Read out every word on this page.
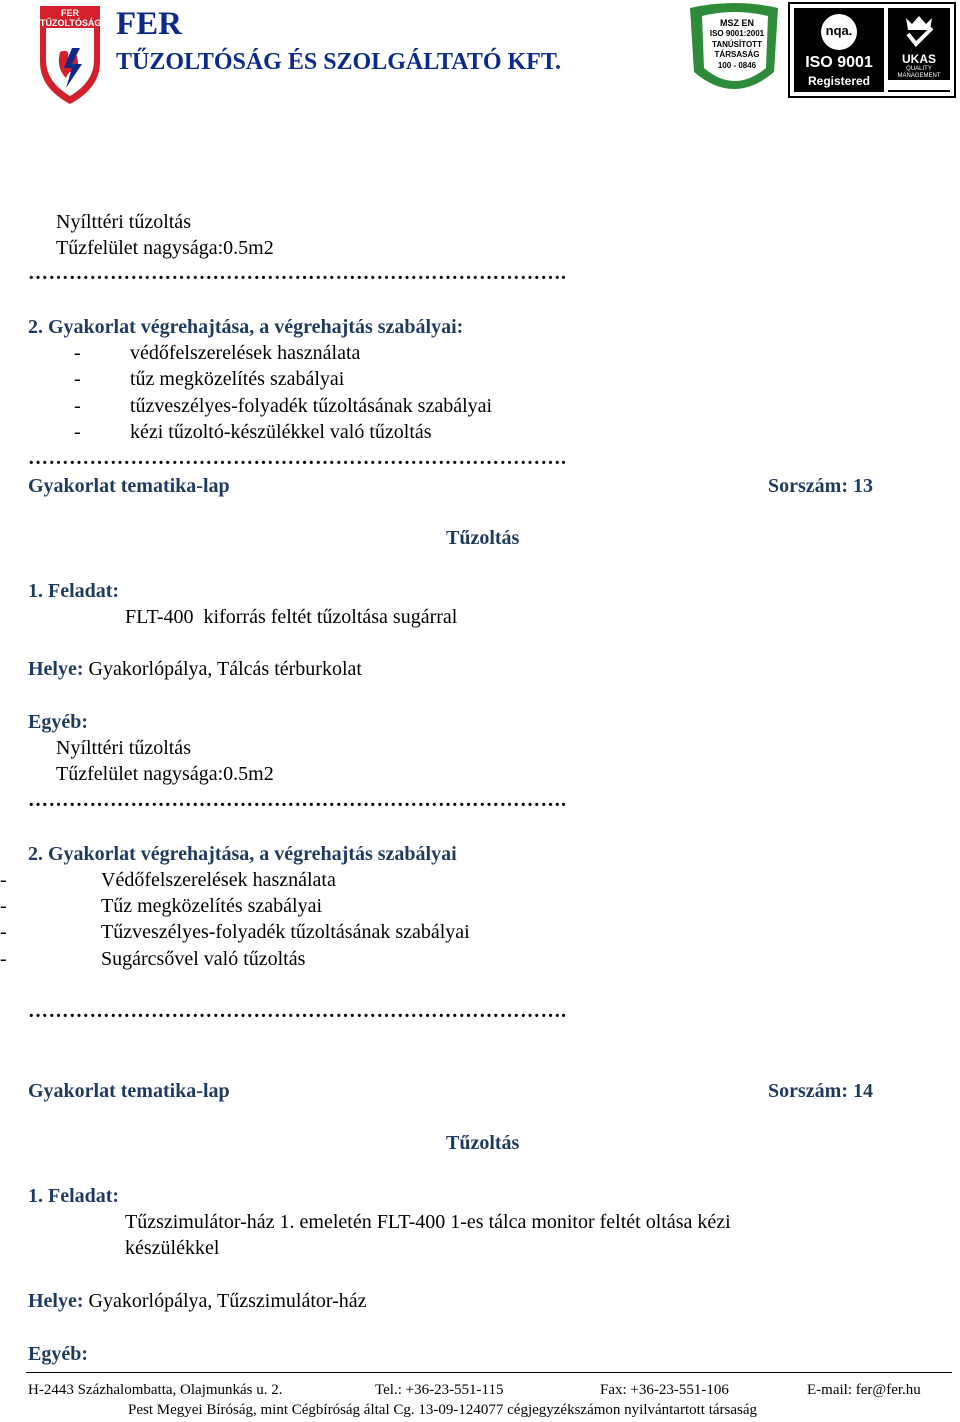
FER TŰZOLTÓSÁG FER
TŰZOLTÓSÁG ÉS SZOLGÁLTATÓ KFT.
MSZ EN
ISO 9001:2001
TANÚSÍTOTT
TÁRSASÁG
100 - 0846
nqa.
ISO 9001
Registered
UKAS
QUALITY MANAGEMENT
015
Nyílttéri tűzoltás
Tűzfelület nagysága:0.5m2
…………………………………………………………………….
2. Gyakorlat végrehajtása, a végrehajtás szabályai:
- védőfelszerelések használata
- tűz megközelítés szabályai
- tűzveszélyes-folyadék tűzoltásának szabályai
- kézi tűzoltó-készülékkel való tűzoltás
…………………………………………………………………….
Gyakorlat tematika-lap	Sorszám: 13
Tűzoltás
1. Feladat:
FLT-400  kiforrás feltét tűzoltása sugárral
Helye: Gyakorlópálya, Tálcás térburkolat
Egyéb:
Nyílttéri tűzoltás
Tűzfelület nagysága:0.5m2
…………………………………………………………………….
2. Gyakorlat végrehajtása, a végrehajtás szabályai
-	Védőfelszerelések használata
-	Tűz megközelítés szabályai
-	Tűzveszélyes-folyadék tűzoltásának szabályai
-	Sugárcsővel való tűzoltás
…………………………………………………………………….
Gyakorlat tematika-lap	Sorszám: 14
Tűzoltás
1. Feladat:
Tűzszimulátor-ház 1. emeletén FLT-400 1-es tálca monitor feltét oltása kézi
készülékkel
Helye: Gyakorlópálya, Tűzszimulátor-ház
Egyéb:
H-2443 Százhalombatta, Olajmunkás u. 2.	Tel.: +36-23-551-115	Fax: +36-23-551-106	E-mail: fer@fer.hu
Pest Megyei Bíróság, mint Cégbíróság által Cg. 13-09-124077 cégjegyzékszámon nyilvántartott társaság
